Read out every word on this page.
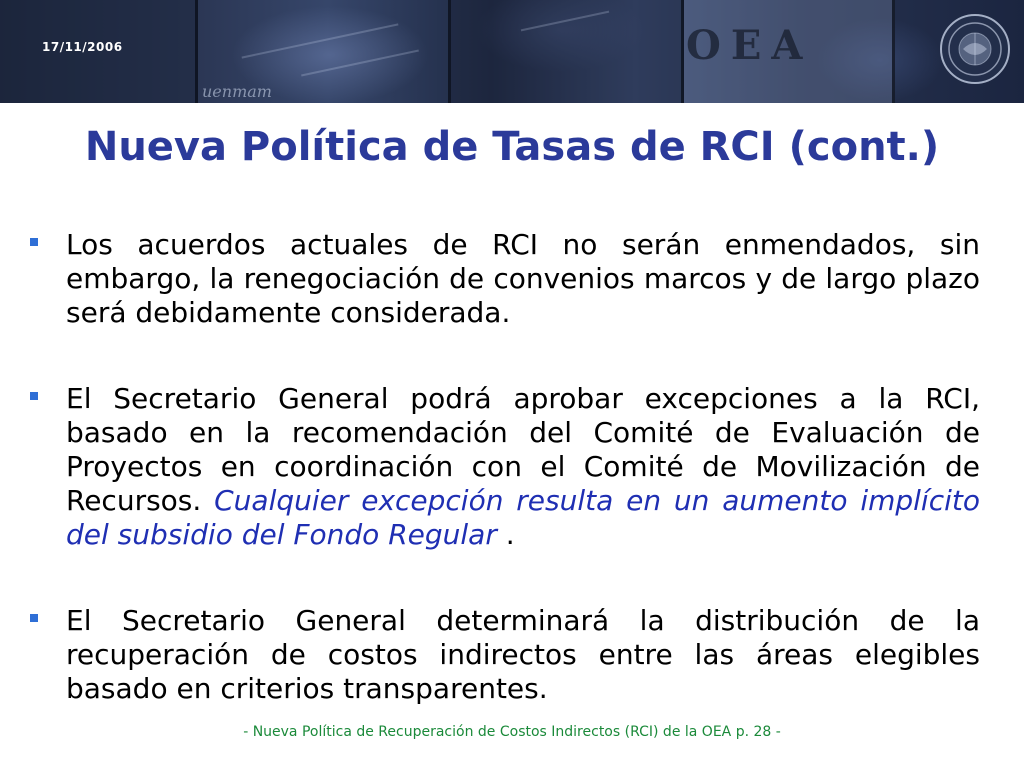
17/11/2006	OEA
uenmam
Nueva Política de Tasas de RCI (cont.)
Los acuerdos actuales de RCI no serán enmendados, sin embargo, la renegociación de convenios marcos y de largo plazo será debidamente considerada.
El Secretario General podrá aprobar excepciones a la RCI, basado en la recomendación del Comité de Evaluación de Proyectos en coordinación con el Comité de Movilización de Recursos. Cualquier excepción resulta en un aumento implícito del subsidio del Fondo Regular .
El Secretario General determinará la distribución de la recuperación de costos indirectos entre las áreas elegibles basado en criterios transparentes.
- Nueva Política de Recuperación de Costos Indirectos (RCI) de la OEA p. 28 -
